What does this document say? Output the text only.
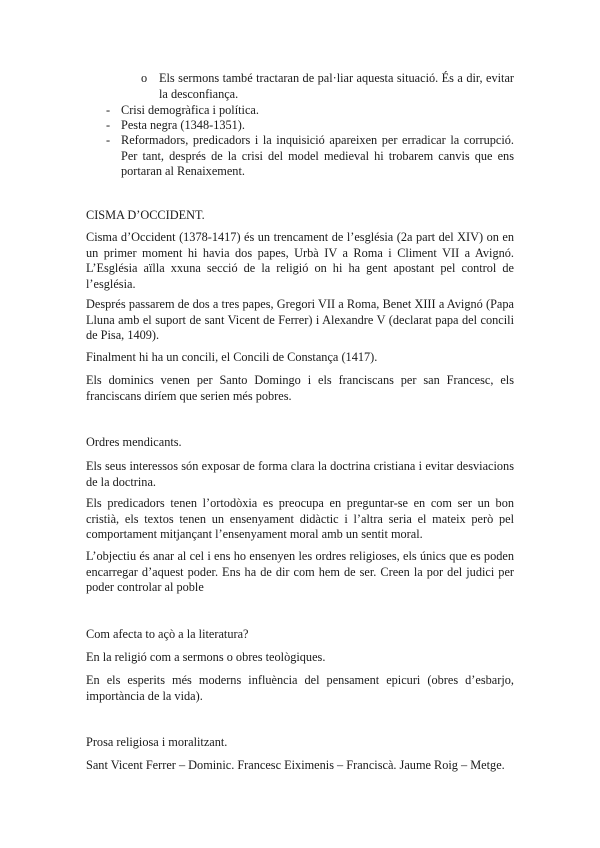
o Els sermons també tractaran de pal·liar aquesta situació. És a dir, evitar la desconfiança.

- Crisi demogràfica i política.

- Pesta negra (1348-1351).

- Reformadors, predicadors i la inquisició apareixen per erradicar la corrupció. Per tant, després de la crisi del model medieval hi trobarem canvis que ens portaran al Renaixement.

CISMA D’OCCIDENT.

Cisma d’Occident (1378-1417) és un trencament de l’església (2a part del XIV) on en un primer moment hi havia dos papes, Urbà IV a Roma i Climent VII a Avignó. L’Església aïlla xxuna secció de la religió on hi ha gent apostant pel control de l’església.

Després passarem de dos a tres papes, Gregori VII a Roma, Benet XIII a Avignó (Papa Lluna amb el suport de sant Vicent de Ferrer) i Alexandre V (declarat papa del concili de Pisa, 1409).

Finalment hi ha un concili, el Concili de Constança (1417).

Els dominics venen per Santo Domingo i els franciscans per san Francesc, els franciscans diríem que serien més pobres.

Ordres mendicants.

Els seus interessos són exposar de forma clara la doctrina cristiana i evitar desviacions de la doctrina.

Els predicadors tenen l’ortodòxia es preocupa en preguntar-se en com ser un bon cristià, els textos tenen un ensenyament didàctic i l’altra seria el mateix però pel comportament mitjançant l’ensenyament moral amb un sentit moral.

L’objectiu és anar al cel i ens ho ensenyen les ordres religioses, els únics que es poden encarregar d’aquest poder. Ens ha de dir com hem de ser. Creen la por del judici per poder controlar al poble

Com afecta to açò a la literatura?

En la religió com a sermons o obres teològiques.

En els esperits més moderns influència del pensament epicuri (obres d’esbarjo, importància de la vida).

Prosa religiosa i moralitzant.

Sant Vicent Ferrer – Dominic. Francesc Eiximenis – Franciscà. Jaume Roig – Metge.
